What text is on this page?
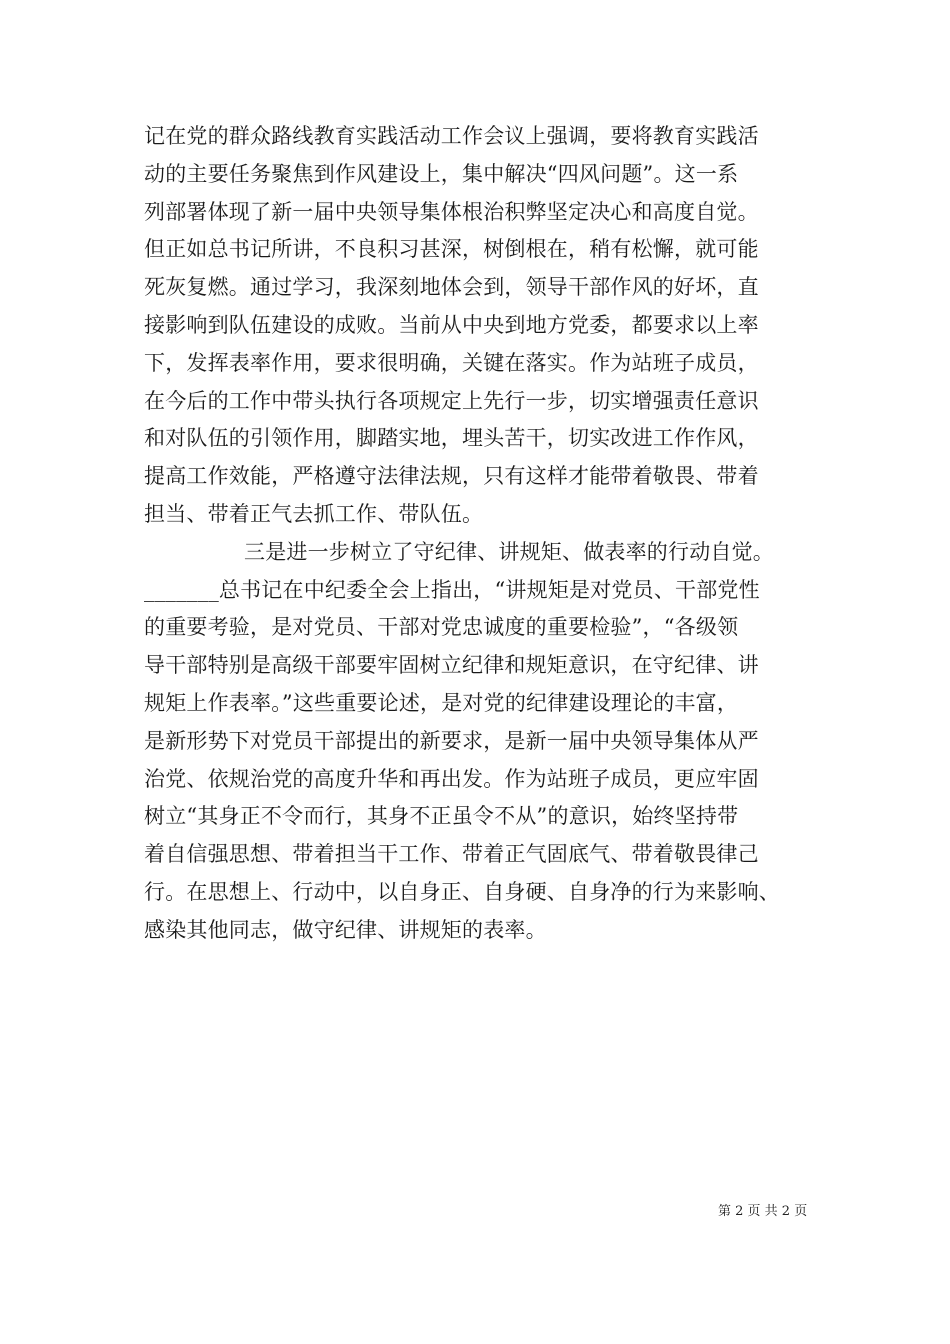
记在党的群众路线教育实践活动工作会议上强调，要将教育实践活
动的主要任务聚焦到作风建设上，集中解决“四风问题”。这一系
列部署体现了新一届中央领导集体根治积弊坚定决心和高度自觉。
但正如总书记所讲，不良积习甚深，树倒根在，稍有松懈，就可能
死灰复燃。通过学习，我深刻地体会到，领导干部作风的好坏，直
接影响到队伍建设的成败。当前从中央到地方党委，都要求以上率
下，发挥表率作用，要求很明确，关键在落实。作为站班子成员，
在今后的工作中带头执行各项规定上先行一步，切实增强责任意识
和对队伍的引领作用，脚踏实地，埋头苦干，切实改进工作作风，
提高工作效能，严格遵守法律法规，只有这样才能带着敬畏、带着
担当、带着正气去抓工作、带队伍。
三是进一步树立了守纪律、讲规矩、做表率的行动自觉。
_______总书记在中纪委全会上指出，“讲规矩是对党员、干部党性
的重要考验，是对党员、干部对党忠诚度的重要检验”，“各级领
导干部特别是高级干部要牢固树立纪律和规矩意识，在守纪律、讲
规矩上作表率。”这些重要论述，是对党的纪律建设理论的丰富，
是新形势下对党员干部提出的新要求，是新一届中央领导集体从严
治党、依规治党的高度升华和再出发。作为站班子成员，更应牢固
树立“其身正不令而行，其身不正虽令不从”的意识，始终坚持带
着自信强思想、带着担当干工作、带着正气固底气、带着敬畏律己
行。在思想上、行动中，以自身正、自身硬、自身净的行为来影响、
感染其他同志，做守纪律、讲规矩的表率。
第 2 页 共 2 页
